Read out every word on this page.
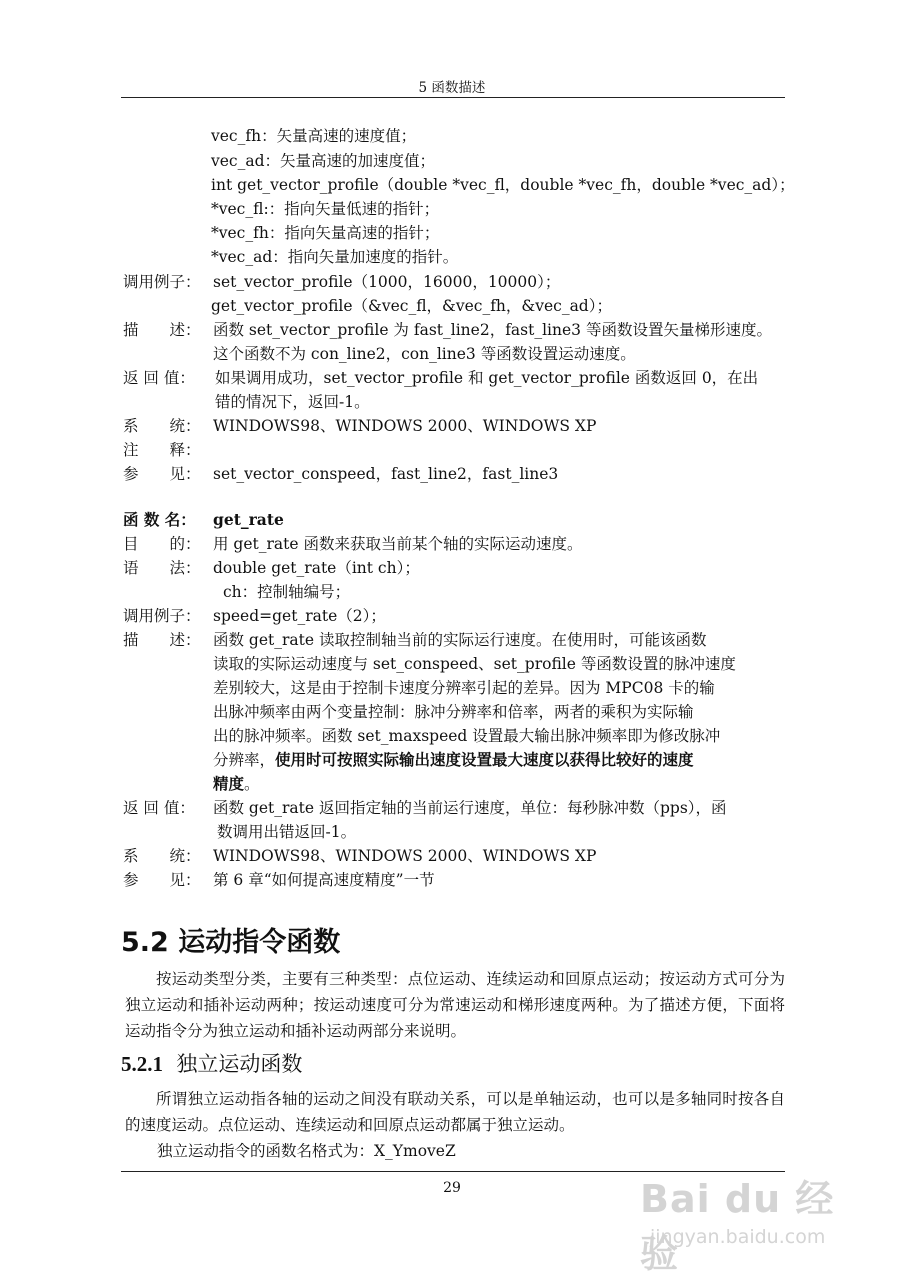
5 函数描述
vec_fh：矢量高速的速度值；
vec_ad：矢量高速的加速度值；
int get_vector_profile（double *vec_fl，double *vec_fh，double *vec_ad）；
*vec_fl:：指向矢量低速的指针；
*vec_fh：指向矢量高速的指针；
*vec_ad：指向矢量加速度的指针。
调用例子： set_vector_profile（1000，16000，10000）；
get_vector_profile（&vec_fl，&vec_fh，&vec_ad）；
描　　述： 函数 set_vector_profile 为 fast_line2，fast_line3 等函数设置矢量梯形速度。
这个函数不为 con_line2，con_line3 等函数设置运动速度。
返 回 值： 如果调用成功，set_vector_profile 和 get_vector_profile 函数返回 0，在出
错的情况下，返回-1。
系　　统： WINDOWS98、WINDOWS 2000、WINDOWS XP
注　　释：
参　　见： set_vector_conspeed，fast_line2，fast_line3
函 数 名： get_rate
目　　的： 用 get_rate 函数来获取当前某个轴的实际运动速度。
语　　法： double get_rate（int ch）；
ch：控制轴编号；
调用例子： speed=get_rate（2）；
描　　述： 函数 get_rate 读取控制轴当前的实际运行速度。在使用时，可能该函数
读取的实际运动速度与 set_conspeed、set_profile 等函数设置的脉冲速度
差别较大，这是由于控制卡速度分辨率引起的差异。因为 MPC08 卡的输
出脉冲频率由两个变量控制：脉冲分辨率和倍率，两者的乘积为实际输
出的脉冲频率。函数 set_maxspeed 设置最大输出脉冲频率即为修改脉冲
分辨率，使用时可按照实际输出速度设置最大速度以获得比较好的速度
精度。
返 回 值： 函数 get_rate 返回指定轴的当前运行速度，单位：每秒脉冲数（pps），函
数调用出错返回-1。
系　　统： WINDOWS98、WINDOWS 2000、WINDOWS XP
参　　见： 第 6 章“如何提高速度精度”一节
5.2 运动指令函数
按运动类型分类，主要有三种类型：点位运动、连续运动和回原点运动；按运动方式可分为独立运动和插补运动两种；按运动速度可分为常速运动和梯形速度两种。为了描述方便，下面将运动指令分为独立运动和插补运动两部分来说明。
5.2.1 独立运动函数
所谓独立运动指各轴的运动之间没有联动关系，可以是单轴运动，也可以是多轴同时按各自的速度运动。点位运动、连续运动和回原点运动都属于独立运动。
独立运动指令的函数名格式为：X_YmoveZ
29	Bai du 经验
jingyan.baidu.com
